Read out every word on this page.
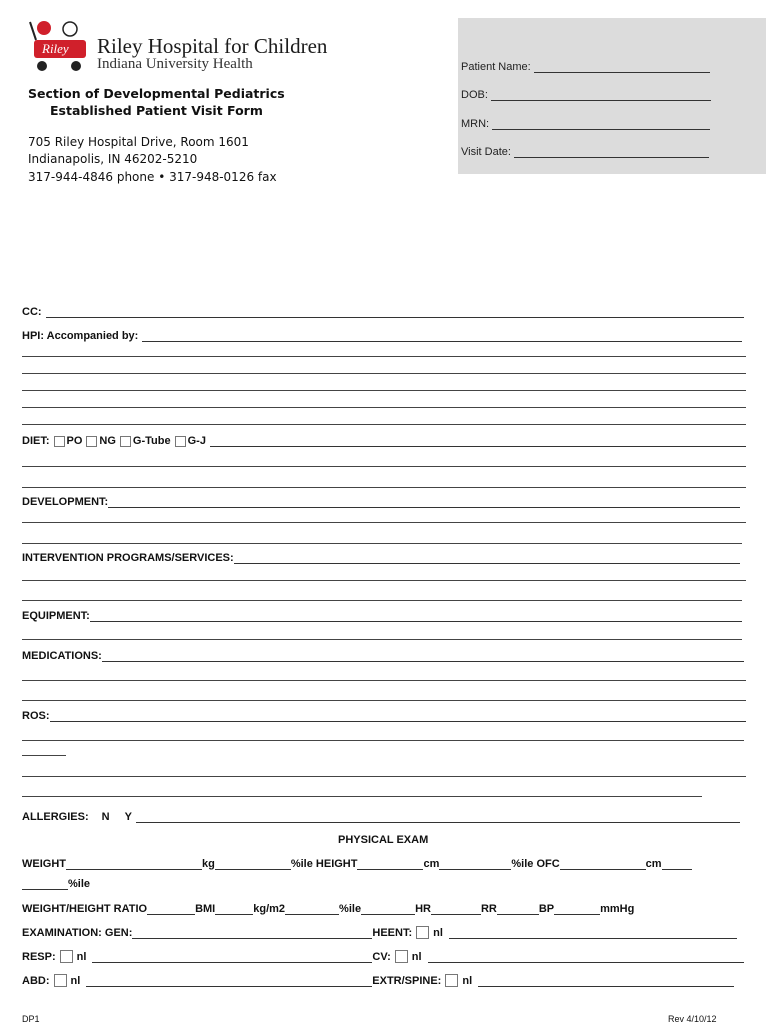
Riley Riley Hospital for Children
Indiana University Health
Section of Developmental Pediatrics
Established Patient Visit Form
705 Riley Hospital Drive, Room 1601
Indianapolis, IN 46202-5210
317-944-4846 phone • 317-948-0126 fax
Patient Name:
DOB:
MRN:
Visit Date:
CC:
HPI: Accompanied by:
DIET: PO NG G-Tube G-J
DEVELOPMENT:
INTERVENTION PROGRAMS/SERVICES:
EQUIPMENT:
MEDICATIONS:
ROS:
ALLERGIES: N Y
PHYSICAL EXAM
WEIGHT	kg	%ile HEIGHT	cm	%ile OFC	cm
%ile
WEIGHT/HEIGHT RATIO	BMI	kg/m2	%ile	HR	RR	BP	mmHg
EXAMINATION: GEN:	HEENT: nl
RESP: nl	CV: nl
ABD: nl	EXTR/SPINE: nl
DP1	Rev 4/10/12
